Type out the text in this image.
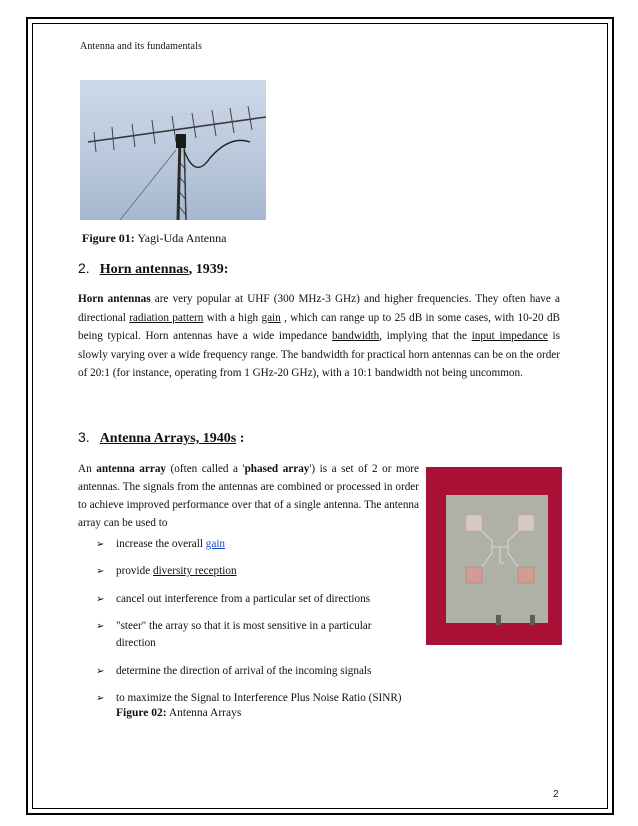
Antenna and its fundamentals
Figure 01: Yagi-Uda Antenna
2. Horn antennas, 1939:
Horn antennas are very popular at UHF (300 MHz-3 GHz) and higher frequencies. They often have a directional radiation pattern with a high gain , which can range up to 25 dB in some cases, with 10-20 dB being typical. Horn antennas have a wide impedance bandwidth, implying that the input impedance is slowly varying over a wide frequency range. The bandwidth for practical horn antennas can be on the order of 20:1 (for instance, operating from 1 GHz-20 GHz), with a 10:1 bandwidth not being uncommon.
3. Antenna Arrays, 1940s :
An antenna array (often called a 'phased array') is a set of 2 or more antennas. The signals from the antennas are combined or processed in order to achieve improved performance over that of a single antenna. The antenna array can be used to
➢ increase the overall gain
➢ provide diversity reception
➢ cancel out interference from a particular set of directions
➢ "steer" the array so that it is most sensitive in a particular
direction
➢ determine the direction of arrival of the incoming signals
➢ to maximize the Signal to Interference Plus Noise Ratio (SINR)
Figure 02: Antenna Arrays
2
